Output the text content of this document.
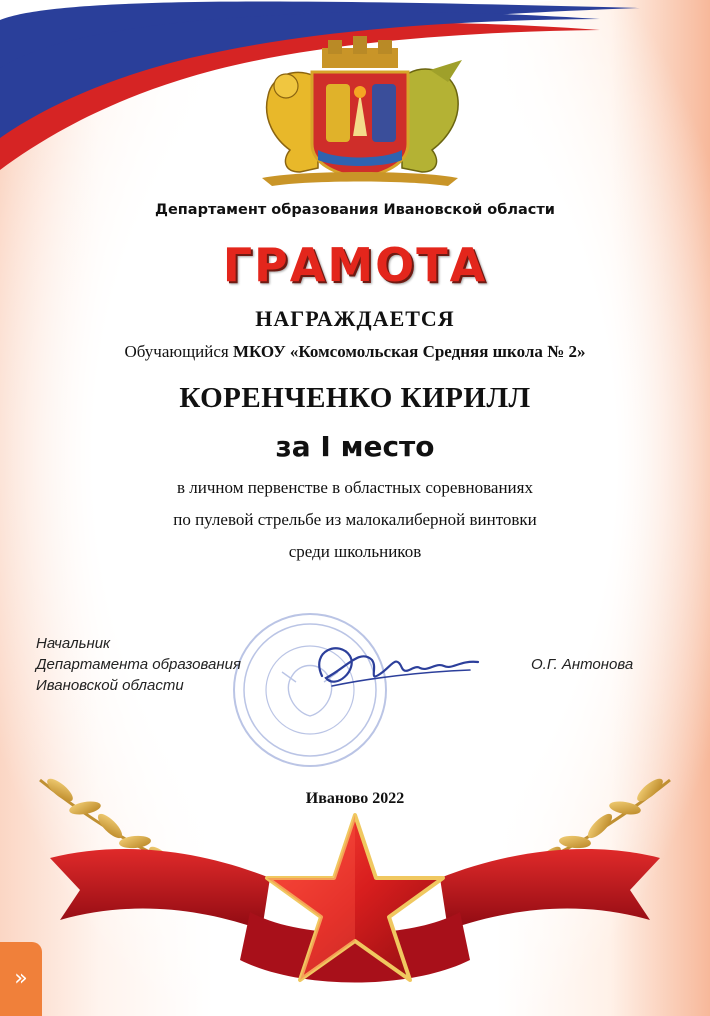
Департамент образования Ивановской области
ГРАМОТА
НАГРАЖДАЕТСЯ
Обучающийся МКОУ «Комсомольская Средняя школа № 2»
КОРЕНЧЕНКО КИРИЛЛ
за I место
в личном первенстве в областных соревнованиях
по пулевой стрельбе из малокалиберной винтовки
среди школьников
Начальник
Департамента образования
Ивановской области
О.Г. Антонова
Иваново 2022
»
